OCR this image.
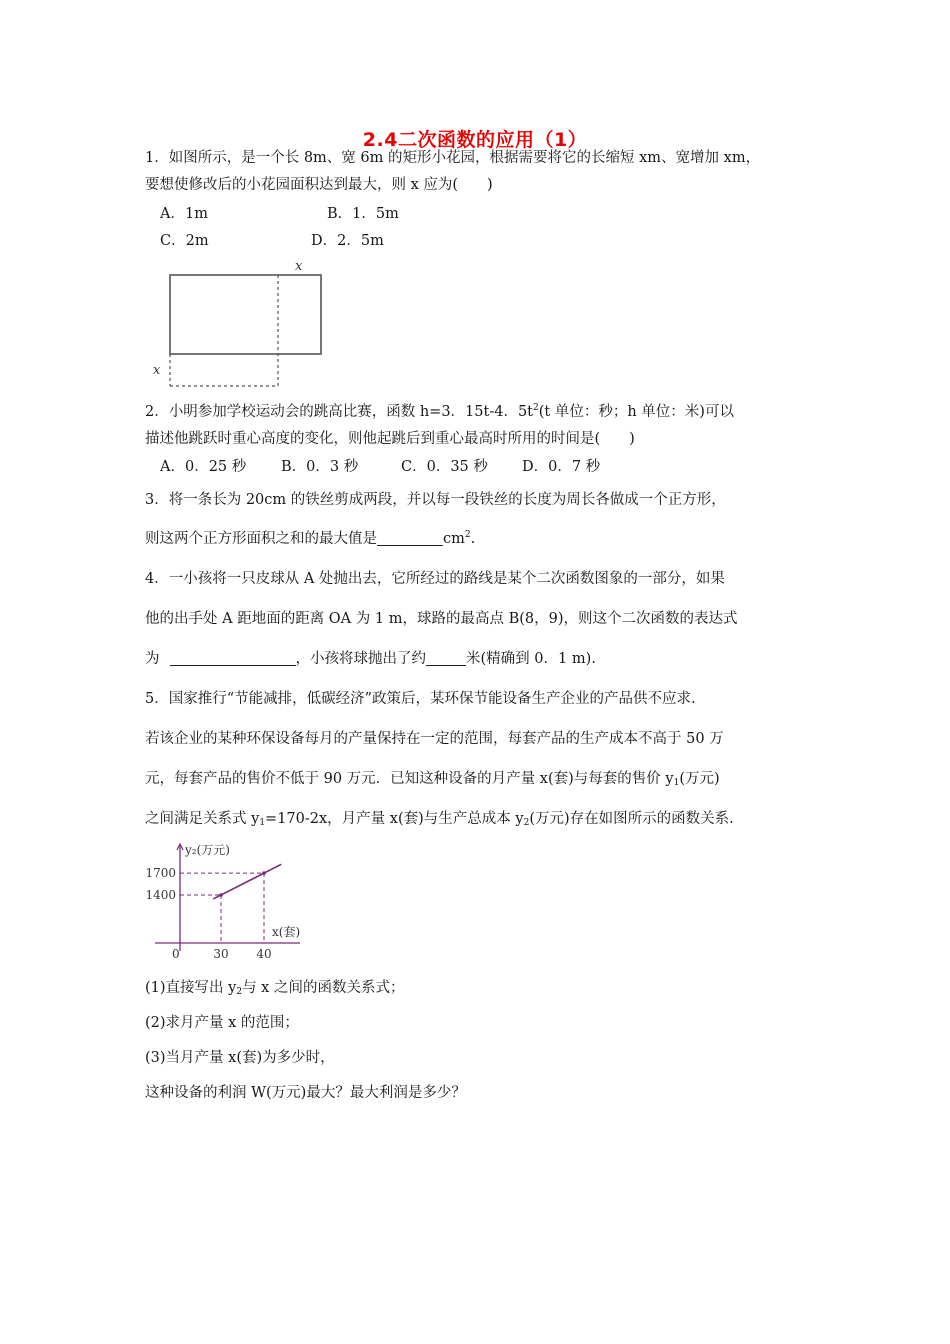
2.4二次函数的应用（1）
1．如图所示，是一个长 8m、宽 6m 的矩形小花园，根据需要将它的长缩短 xm、宽增加 xm，
要想使修改后的小花园面积达到最大，则 x 应为(　　)
A．1m	B．1．5m
C．2m	D．2．5m
x
x
2．小明参加学校运动会的跳高比赛，函数 h=3．15t-4．$5t^2(t$ 单位：秒；h 单位：米)可以
描述他跳跃时重心高度的变化，则他起跳后到重心最高时所用的时间是(　　)
A．0．25 秒 B．0．3 秒	C．0．35 秒 D．0．7 秒
3．将一条长为 20cm 的铁丝剪成两段，并以每一段铁丝的长度为周长各做成一个正方形，
则这两个正方形面积之和的最大值是	$cm^2$.
4．一小孩将一只皮球从 A 处抛出去，它所经过的路线是某个二次函数图象的一部分，如果
他的出手处 A 距地面的距离 OA 为 1 m，球路的最高点 B(8，9)，则这个二次函数的表达式
为	，小孩将球抛出了约	米(精确到 0．1 m).
5．国家推行“节能减排，低碳经济”政策后，某环保节能设备生产企业的产品供不应求.
若该企业的某种环保设备每月的产量保持在一定的范围，每套产品的生产成本不高于 50 万
元，每套产品的售价不低于 90 万元．已知这种设备的月产量 x(套)与每套的售价 $y_1$(万元)
之间满足关系式 $y_1=170-2x$，月产量 x(套)与生产总成本 $y_2$(万元)存在如图所示的函数关系.
1400
1700
0	30 40
y₂(万元)
x(套)
(1)直接写出 $y_2$与 x 之间的函数关系式；
(2)求月产量 x 的范围；
(3)当月产量 x(套)为多少时，
这种设备的利润 W(万元)最大？最大利润是多少？
